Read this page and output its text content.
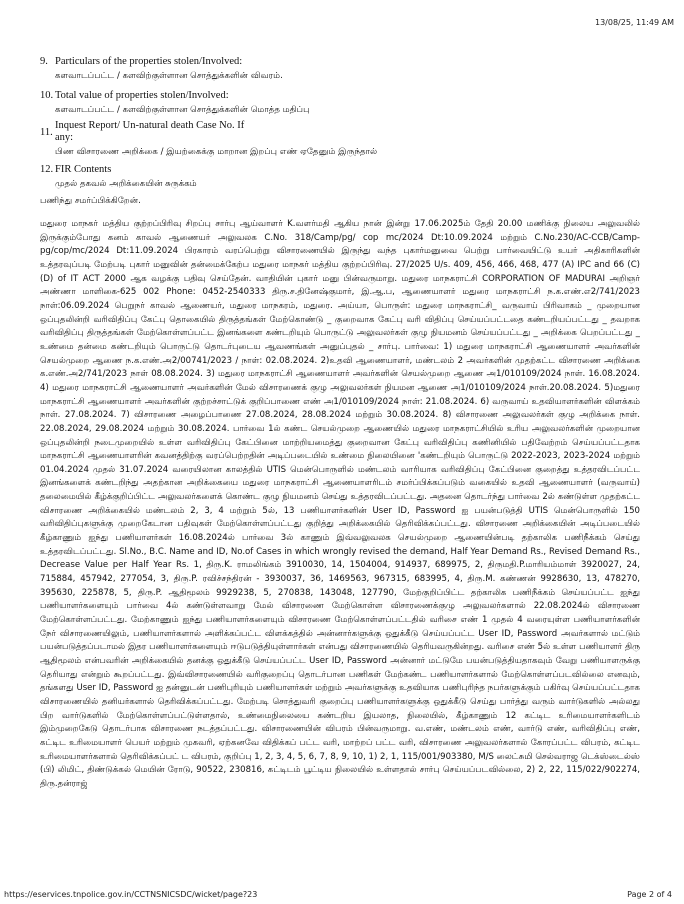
13/08/25, 11:49 AM
9. Particulars of the properties stolen/Involved:
களவாடப்பட்ட / களவிற்குள்ளான சொத்துக்களின் விவரம்.
10. Total value of properties stolen/Involved:
களவாடப்பட்ட / களவிற்குள்ளான சொத்துக்களின் மொத்த மதிப்பு
11.
Inquest Report/ Un-natural death Case No. If
any:
பிண விசாரணை அறிக்கை / இயற்கைக்கு மாறான இறப்பு எண் ஏதேனும் இருந்தால்
12. FIR Contents
முதல் தகவல் அறிக்கையின் சுருக்கம்
பணிந்து சமர்ப்பிக்கிறேன்.

மதுரை மாநகர் மத்திய குற்றப்பிரிவு சிறப்பு சார்பு ஆய்வாளர் K.வளர்மதி ஆகிய நான் இன்று 17.06.2025ம் தேதி 20.00 மணிக்கு நிலைய அலுவலில் இருக்கும்போது கனம் காவல் ஆணையர் அலுவலக C.No. 318/Camp/pg/ cop mc/2024 Dt:10.09.2024 மற்றும் C.No.230/AC-CCB/Camp-pg/cop/mc/2024 Dt:11.09.2024 பிரகாரம் வரப்பெற்று விசாரணையில் இருந்து வந்த புகார்மனுவை பெற்று பார்வையிட்டு உயர் அதிகாரிகளின் உத்தரவுப்படி மேற்படி புகார் மனுவின் தன்மைக்கேற்ப மதுரை மாநகர் மத்திய குற்றப்பிரிவு. 27/2025 U/s. 409, 456, 466, 468, 477 (A) IPC and 66 (C) (D) of IT ACT 2000 ஆக வழக்கு பதிவு செய்தேன். வாதியின் புகார் மனு பின்வருமாறு. மதுரை மாநகராட்சி CORPORATION OF MADURAI அறிஞர் அண்ணா மாளிகை-625 002 Phone: 0452-2540333 திரு.ச.தினேஷ்குமார், இ.ஆ.ப, ஆணையாளர் மதுரை மாநகராட்சி ந.க.எண்.எ2/741/2023 நாள்:06.09.2024 பெறுநர் காவல் ஆணையர், மதுரை மாநகரம், மதுரை. அய்யா, பொருள்: மதுரை மாநகராட்சி_ வருவாய் பிரிவாகம் _ முறையான ஒப்புதலின்றி வரிவிதிப்பு கேட்பு தொகையில் திருத்தங்கள் மேற்கொண்டு _ குறைவாக கேட்பு வரி விதிப்பு செய்யப்பட்டதை கண்டறியப்பட்டது _ தவறாக வரிவிதிப்பு திருத்தங்கள் மேற்கொள்ளப்பட்ட இனங்களை கண்டறியும் பொருட்டு அலுவலர்கள் குழு நியமனம் செய்யப்பட்டது _ அறிக்கை பெறப்பட்டது _ உண்மை தன்மை கண்டறியும் பொருட்டு தொடர்புடைய ஆவணங்கள் அனுப்புதல் _ சார்பு. பார்வை: 1) மதுரை மாநகராட்சி ஆணையாளர் அவர்களின் செயல்முறை ஆணை ந.க.எண்.அ2/00741/2023 / நாள்: 02.08.2024. 2)உதவி ஆணையாளர், மண்டலம் 2 அவர்களின் முதற்கட்ட விசாரணை அறிக்கை க.எண்.அ2/741/2023 நாள் 08.08.2024. 3) மதுரை மாநகராட்சி ஆணையாளர் அவர்களின் செயல்முறை ஆணை அ1/010109/2024 நாள். 16.08.2024. 4) மதுரை மாநகராட்சி ஆணையாளர் அவர்களின் மேல் விசாரணைக் குழு அலுவலர்கள் நியமன ஆணை அ1/010109/2024 நாள்.20.08.2024. 5)மதுரை மாநகராட்சி ஆணையாளர் அவர்களின் குற்றச்சாட்டுக் குறிப்பாணை எண் அ1/010109/2024 நாள்: 21.08.2024. 6) வருவாய் உதவியாளர்களின் விளக்கம் நாள். 27.08.2024. 7) விசாரணை அழைப்பாணை 27.08.2024, 28.08.2024 மற்றும் 30.08.2024. 8) விசாரணை அலுவலர்கள் குழு அறிக்கை நாள். 22.08.2024, 29.08.2024 மற்றும் 30.08.2024. பார்வை 1ல் கண்ட செயல்முறை ஆணையில் மதுரை மாநகராட்சியில் உரிய அலுவலர்களின் முறையான ஒப்புதலின்றி நடைமுறையில் உள்ள வரிவிதிப்பு கேட்பினை மாற்றியமைத்து குறைவான கேட்பு வரிவிதிப்பு கணினியில் பதிவேற்றம் செய்யப்பட்டதாக மாநகராட்சி ஆணையாளரின் கவனத்திற்கு வரப்பெற்றதின் அடிப்படையில் உண்மை நிலையினை 'கண்டறியும் பொருட்டு 2022-2023, 2023-2024 மற்றும் 01.04.2024 முதல் 31.07.2024 வரையிலான காலத்தில் UTIS மென்பொருளில் மண்டலம் வாரியாக வரிவிதிப்பு கேட்பினை குறைத்து உத்தரவிடப்பட்ட இனங்களைக் கண்டறிந்து அதற்கான அறிக்கையை மதுரை மாநகராட்சி ஆணையாளரிடம் சமர்ப்பிக்கப்படும் வகையில் உதவி ஆணையாளர் (வருவாய்) தலைமையில் கீழ்க்குறிப்பிட்ட அலுவலர்களைக் கொண்ட குழு நியமனம் செய்து உத்தரவிடப்பட்டது. அதனை தொடர்ந்து பார்வை 2ல் கண்டுள்ள முதற்கட்ட விசாரணை அறிக்கையில் மண்டலம் 2, 3, 4 மற்றும் 5ல், 13 பணியாளர்களின் User ID, Password ஐ பயன்படுத்தி UTIS மென்பொருளில் 150 வரிவிதிப்புகளுக்கு முறைகேடான பதிவுகள் மேற்கொள்ளப்பட்டது குறித்து அறிக்கையில் தெரிவிக்கப்பட்டது. விசாரணை அறிக்கையின் அடிப்படையில் கீழ்காணும் ஐந்து பணியாளர்கள் 16.08.2024ல் பார்வை 3ல் காணும் இவ்வலுவலக செயல்முறை ஆணையின்படி தற்காலிக பணிநீக்கம் செய்து உத்தரவிடப்பட்டது. Sl.No., B.C. Name and ID, No.of Cases in which wrongly revised the demand, Half Year Demand Rs., Revised Demand Rs., Decrease Value per Half Year Rs. 1, திரு.K. ராமலிங்கம் 3910030, 14, 1504004, 914937, 689975, 2, திருமதி.P.மாரியம்மாள் 3920027, 24, 715884, 457942, 277054, 3, திரு.P. ரவிச்சந்திரன் - 3930037, 36, 1469563, 967315, 683995, 4, திரு.M. கண்ணன் 9928630, 13, 478270, 395630, 225878, 5, திரு.P. ஆதிமூலம் 9929238, 5, 270838, 143048, 127790, மேற்குறிப்பிட்ட தற்காலிக பணிநீக்கம் செய்யப்பட்ட ஐந்து பணியாளர்களையும் பார்வை 4ல் கண்டுள்ளவாறு மேல் விசாரணை மேற்கொள்ள விசாரணைக்குழு அலுவலர்களால் 22.08.2024ல் விசாரணை மேற்கொள்ளப்பட்டது. மேற்காணும் ஐந்து பணியாளர்களையும் விசாரணை மேற்கொள்ளப்பட்டதில் வரிசை எண் 1 முதல் 4 வரையுள்ள பணியாளர்களின் நேர் விசாரணையிலும், பணியாளர்களால் அளிக்கப்பட்ட விளக்கத்தில் அன்னார்களுக்கு ஒதுக்கீடு செய்யப்பட்ட User ID, Password அவர்களால் மட்டும் பயன்படுத்தப்படாமல் இதர பணியாளர்களையும் ஈடுபடுத்தியுள்ளார்கள் என்பது விசாரணையில் தெரியவருகின்றது. வரிசை எண் 5ல் உள்ள பணியாளர் திரு ஆதிமூலம் என்பவரின் அறிக்கையில் தனக்கு ஒதுக்கீடு செய்யப்பட்ட User ID, Password அன்னார் மட்டுமே பயன்படுத்தியதாகவும் வேறு பணியாளருக்கு தெரியாது என்றும் கூறப்பட்டது. இவ்விசாரணையில் வரிகுறைப்பு தொடர்பான பணிகள் மேற்கண்ட பணியாளர்களால் மேற்கொள்ளப்படவில்லை எனவும், தங்களது User ID, Password ஐ தன்னுடன் பணிபுரியும் பணியாளர்கள் மற்றும் அவர்களுக்கு உதவியாக பணிபுரிந்த நபர்களுக்கும் பகிர்வு செய்யப்பட்டதாக விசாரணையில் தனியர்களால் தெரிவிக்கப்பட்டது. மேற்படி சொத்துவரி குறைப்பு பணியாளர்களுக்கு ஒதுக்கீடு செய்து பார்த்து வரும் வார்டுகளில் அல்லது பிற வார்டுகளில் மேற்கொள்ளப்பட்டுள்ளதால், உண்மைநிலையை கண்டறிய இயலாத, நிலையில், கீழ்காணும் 12 கட்டிட உரிமையாளர்களிடம் இம்முறைகேடு தொடர்பாக விசாரணை நடத்தப்பட்டது. விசாரணையின் விபரம் பின்வருமாறு. வ.எண், மண்டலம் எண், வார்டு எண், வரிவிதிப்பு எண், கட்டிட உரிமையாளர் பெயர் மற்றும் முகவரி, ஏற்கனவே விதிக்கப் பட்ட வரி, மாற்றப் பட்ட வரி, விசாரணை அலுவலர்களால் கோரப்பட்ட விபரம், கட்டிட உரிமையாளர்களால் தெரிவிக்கப்பட் ட விபரம், குறிப்பு 1, 2, 3, 4, 5, 6, 7, 8, 9, 10, 1) 2, 1, 115/001/903380, M/S லைட்சுமி செல்வராஜ டெக்ஸ்டைல்ஸ் (பி) லிமிட், திண்டுக்கல் மெயின் ரோடு, 90522, 230816, கட்டிடம் பூட்டிய நிலையில் உள்ளதால் சார்பு செய்யப்படவில்லை, 2) 2, 22, 115/022/902274, திரு.தன்ராஜ்

https://eservices.tnpolice.gov.in/CCTNSNICSDC/wicket/page?23	Page 2 of 4
